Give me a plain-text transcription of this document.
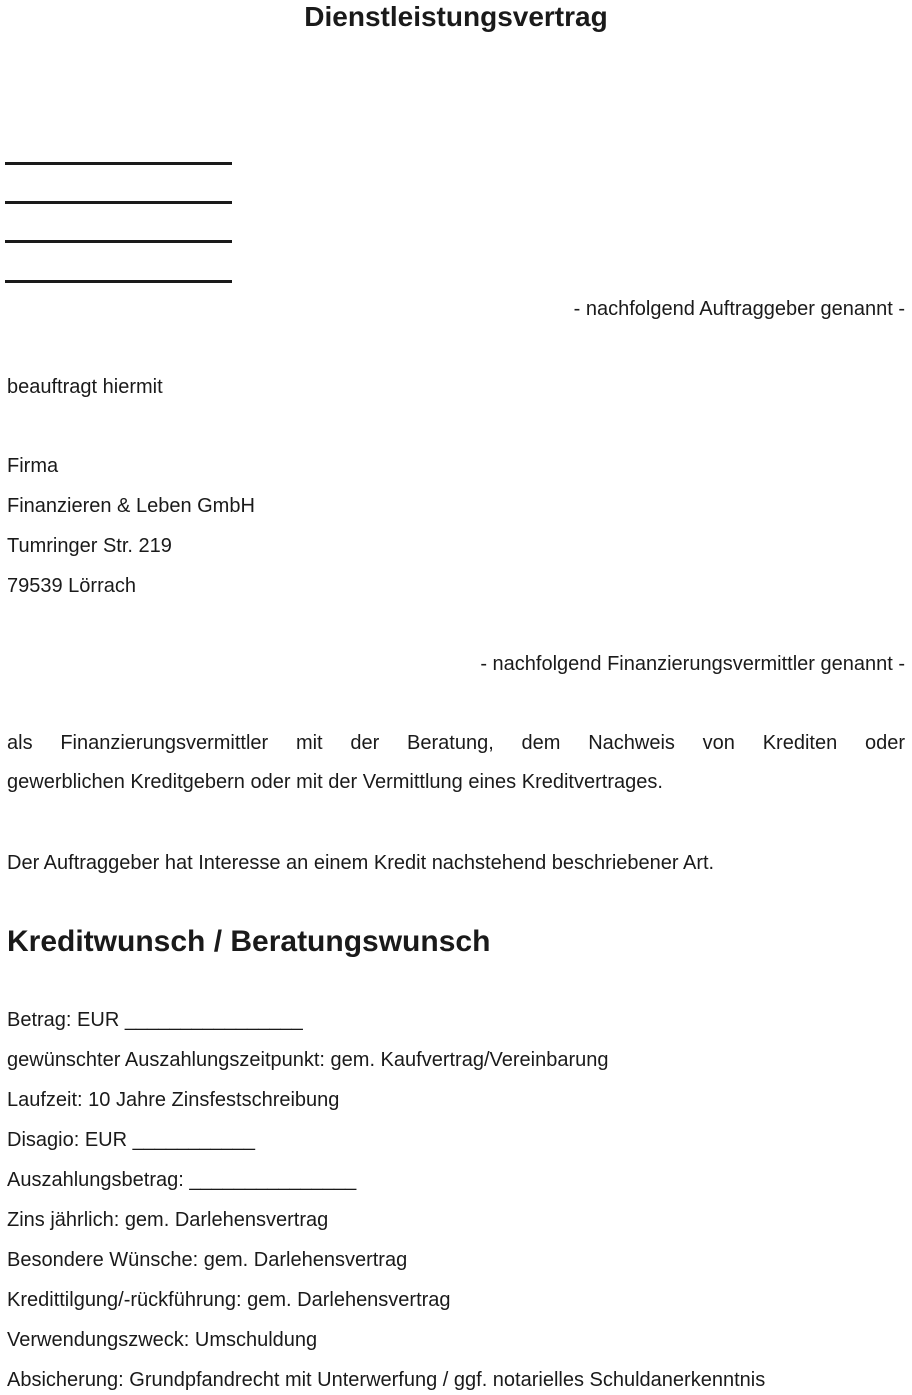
Dienstleistungsvertrag
- nachfolgend Auftraggeber genannt -
beauftragt hiermit
Firma
Finanzieren & Leben GmbH
Tumringer Str. 219
79539 Lörrach
- nachfolgend Finanzierungsvermittler genannt -
als Finanzierungsvermittler mit der Beratung, dem Nachweis von Krediten oder
gewerblichen Kreditgebern oder mit der Vermittlung eines Kreditvertrages.
Der Auftraggeber hat Interesse an einem Kredit nachstehend beschriebener Art.
Kreditwunsch / Beratungswunsch
Betrag: EUR ________________
gewünschter Auszahlungszeitpunkt: gem. Kaufvertrag/Vereinbarung
Laufzeit: 10 Jahre Zinsfestschreibung
Disagio: EUR ___________
Auszahlungsbetrag: _______________
Zins jährlich: gem. Darlehensvertrag
Besondere Wünsche: gem. Darlehensvertrag
Kredittilgung/-rückführung: gem. Darlehensvertrag
Verwendungszweck: Umschuldung
Absicherung: Grundpfandrecht mit Unterwerfung / ggf. notarielles Schuldanerkenntnis
